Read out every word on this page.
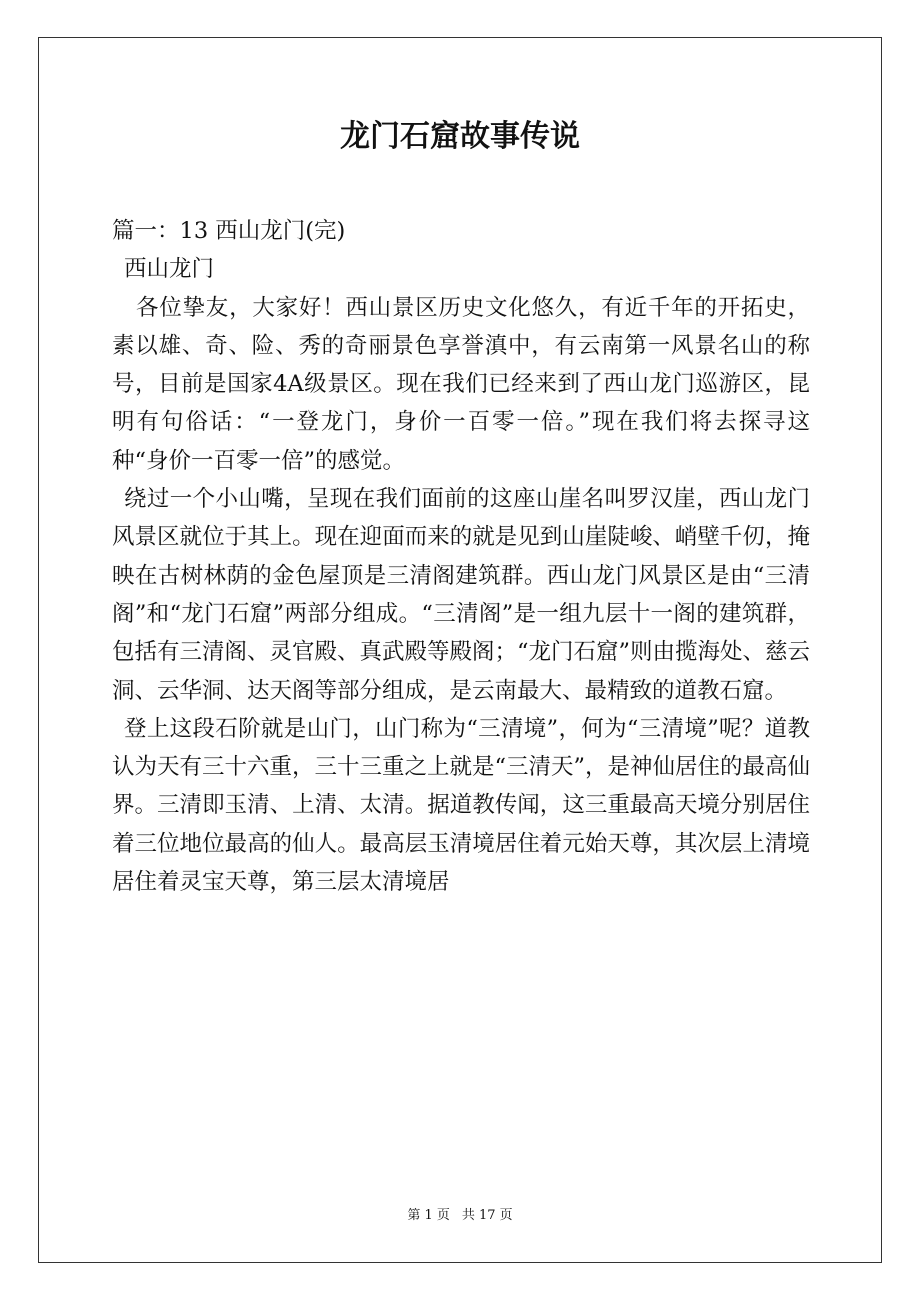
龙门石窟故事传说

篇一：13 西山龙门(完)

西山龙门

各位挚友，大家好！西山景区历史文化悠久，有近千年的开拓史，素以雄、奇、险、秀的奇丽景色享誉滇中，有云南第一风景名山的称号，目前是国家4A级景区。现在我们已经来到了西山龙门巡游区，昆明有句俗话：“一登龙门，身价一百零一倍。”现在我们将去探寻这种“身价一百零一倍”的感觉。

绕过一个小山嘴，呈现在我们面前的这座山崖名叫罗汉崖，西山龙门风景区就位于其上。现在迎面而来的就是见到山崖陡峻、峭壁千仞，掩映在古树林荫的金色屋顶是三清阁建筑群。西山龙门风景区是由“三清阁”和“龙门石窟”两部分组成。“三清阁”是一组九层十一阁的建筑群，包括有三清阁、灵官殿、真武殿等殿阁；“龙门石窟”则由揽海处、慈云洞、云华洞、达天阁等部分组成，是云南最大、最精致的道教石窟。

登上这段石阶就是山门，山门称为“三清境”，何为“三清境”呢？道教认为天有三十六重，三十三重之上就是“三清天”，是神仙居住的最高仙界。三清即玉清、上清、太清。据道教传闻，这三重最高天境分别居住着三位地位最高的仙人。最高层玉清境居住着元始天尊，其次层上清境居住着灵宝天尊，第三层太清境居

第 1 页 共 17 页
